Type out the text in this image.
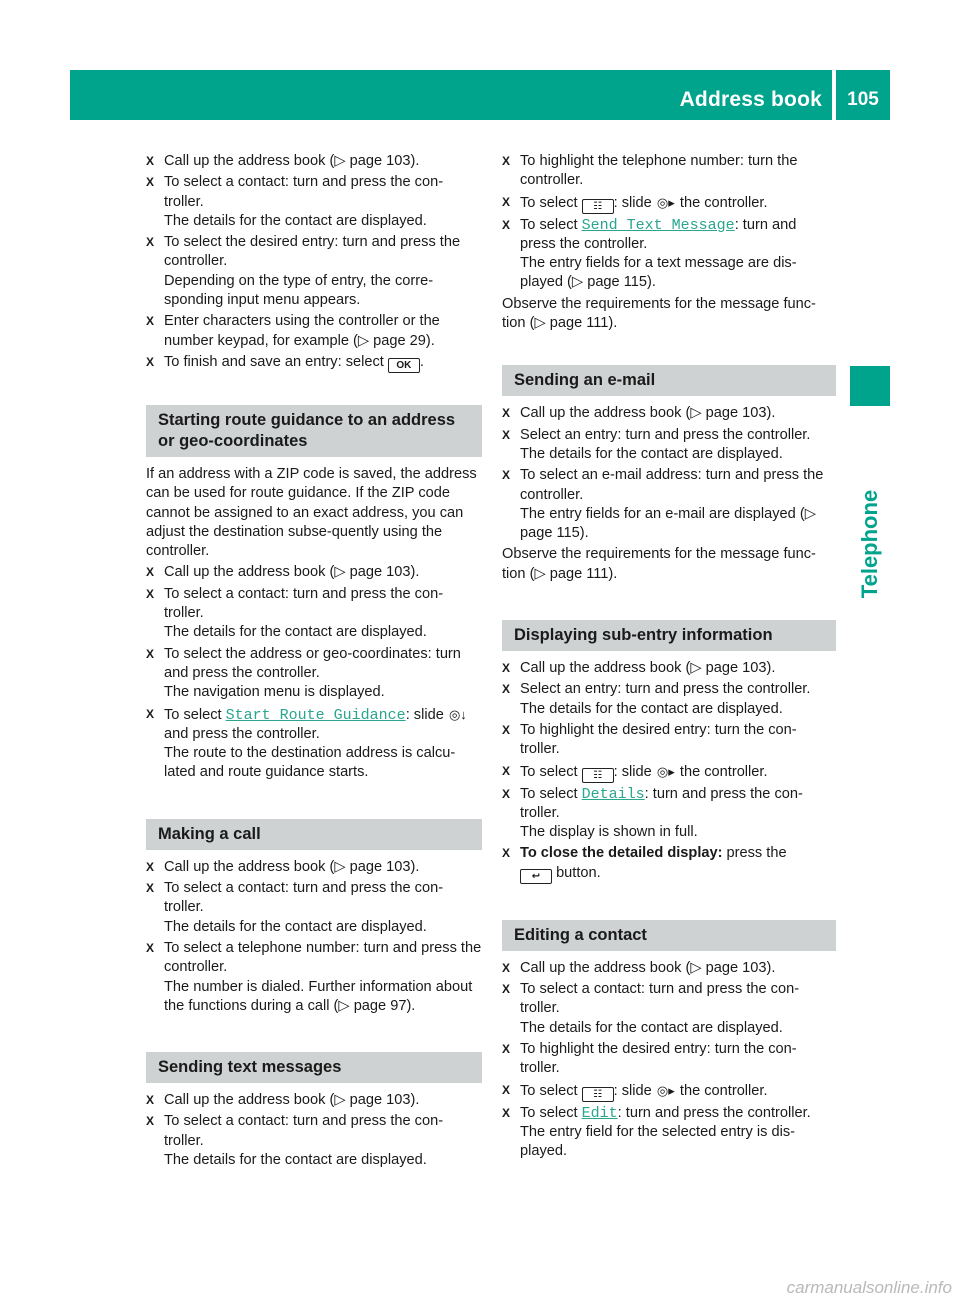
Address book	105
Telephone
X Call up the address book (▷ page 103).
X To select a contact: turn and press the con-troller.
The details for the contact are displayed.
X To select the desired entry: turn and press the controller.
Depending on the type of entry, the corre-sponding input menu appears.
X Enter characters using the controller or the number keypad, for example (▷ page 29).
X To finish and save an entry: select OK .
Starting route guidance to an address or geo-coordinates
If an address with a ZIP code is saved, the address can be used for route guidance. If the ZIP code cannot be assigned to an exact address, you can adjust the destination subse-quently using the controller.
X Call up the address book (▷ page 103).
X To select a contact: turn and press the con-troller.
The details for the contact are displayed.
X To select the address or geo-coordinates: turn and press the controller.
The navigation menu is displayed.
X To select Start Route Guidance: slide ◎↓
and press the controller.
The route to the destination address is calcu-lated and route guidance starts.
Making a call
X Call up the address book (▷ page 103).
X To select a contact: turn and press the con-troller.
The details for the contact are displayed.
X To select a telephone number: turn and press the controller.
The number is dialed. Further information about the functions during a call (▷ page 97).
Sending text messages
X Call up the address book (▷ page 103).
X To select a contact: turn and press the con-troller.
The details for the contact are displayed.
X To highlight the telephone number: turn the controller.
X To select ☷ : slide ◎▸ the controller.
X To select Send Text Message: turn and press the controller.
The entry fields for a text message are dis-played (▷ page 115).
Observe the requirements for the message func-tion (▷ page 111).
Sending an e-mail
X Call up the address book (▷ page 103).
X Select an entry: turn and press the controller.
The details for the contact are displayed.
X To select an e-mail address: turn and press the controller.
The entry fields for an e-mail are displayed (▷ page 115).
Observe the requirements for the message func-tion (▷ page 111).
Displaying sub-entry information
X Call up the address book (▷ page 103).
X Select an entry: turn and press the controller.
The details for the contact are displayed.
X To highlight the desired entry: turn the con-troller.
X To select ☷ : slide ◎▸ the controller.
X To select Details: turn and press the con-troller.
The display is shown in full.
X To close the detailed display: press the
↩ button.
Editing a contact
X Call up the address book (▷ page 103).
X To select a contact: turn and press the con-troller.
The details for the contact are displayed.
X To highlight the desired entry: turn the con-troller.
X To select ☷ : slide ◎▸ the controller.
X To select Edit: turn and press the controller.
The entry field for the selected entry is dis-played.
carmanualsonline.info
